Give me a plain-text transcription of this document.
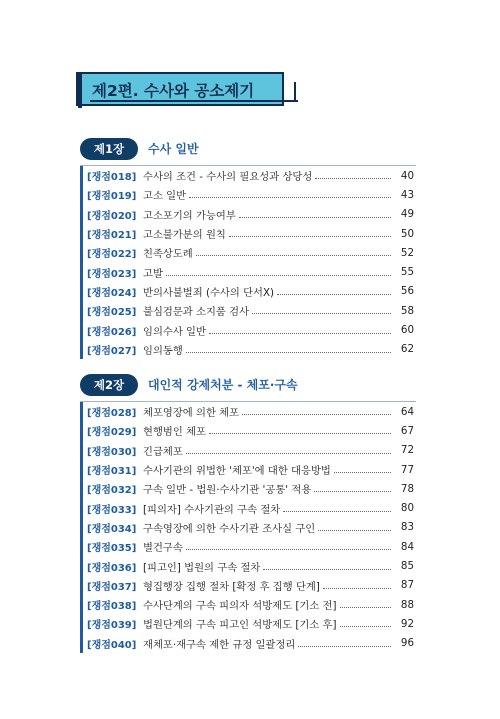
제2편. 수사와 공소제기
제1장	수사 일반
[쟁점018] 수사의 조건 - 수사의 필요성과 상당성	40
[쟁점019] 고소 일반	43
[쟁점020] 고소포기의 가능여부	49
[쟁점021] 고소불가분의 원칙	50
[쟁점022] 친족상도례	52
[쟁점023] 고발	55
[쟁점024] 반의사불벌죄 (수사의 단서X)	56
[쟁점025] 불심검문과 소지품 검사	58
[쟁점026] 임의수사 일반	60
[쟁점027] 임의동행	62
제2장	대인적 강제처분 - 체포·구속
[쟁점028] 체포영장에 의한 체포	64
[쟁점029] 현행범인 체포	67
[쟁점030] 긴급체포	72
[쟁점031] 수사기관의 위법한 '체포'에 대한 대응방법	77
[쟁점032] 구속 일반 - 법원·수사기관 '공통' 적용	78
[쟁점033] [피의자] 수사기관의 구속 절차	80
[쟁점034] 구속영장에 의한 수사기관 조사실 구인	83
[쟁점035] 별건구속	84
[쟁점036] [피고인] 법원의 구속 절차	85
[쟁점037] 형집행장 집행 절차 [확정 후 집행 단계]	87
[쟁점038] 수사단계의 구속 피의자 석방제도 [기소 전]	88
[쟁점039] 법원단계의 구속 피고인 석방제도 [기소 후]	92
[쟁점040] 재체포·재구속 제한 규정 일괄정리	96
